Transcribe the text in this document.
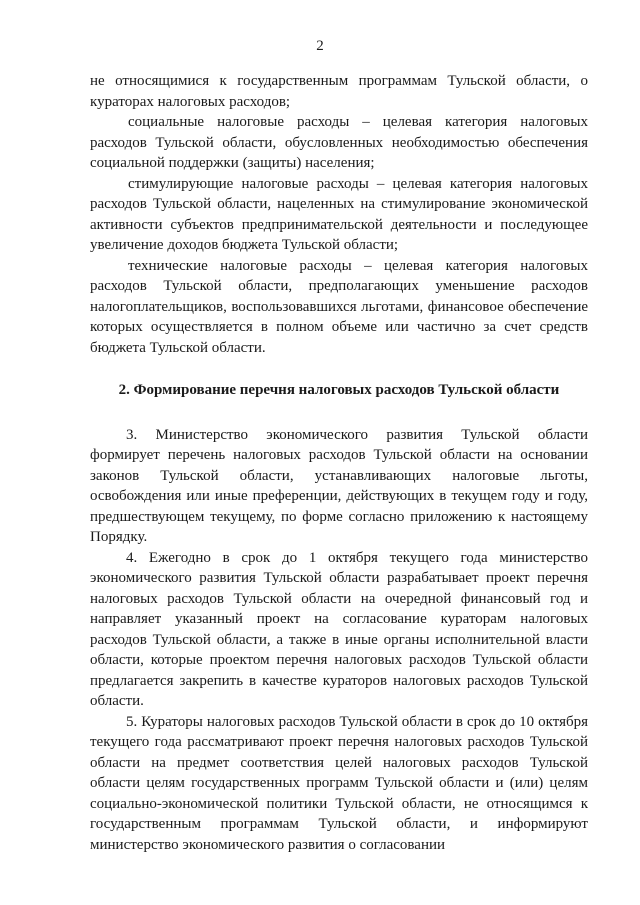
2

не относящимися к государственным программам Тульской области, о кураторах налоговых расходов;

социальные налоговые расходы – целевая категория налоговых расходов Тульской области, обусловленных необходимостью обеспечения социальной поддержки (защиты) населения;

стимулирующие налоговые расходы – целевая категория налоговых расходов Тульской области, нацеленных на стимулирование экономической активности субъектов предпринимательской деятельности и последующее увеличение доходов бюджета Тульской области;

технические налоговые расходы – целевая категория налоговых расходов Тульской области, предполагающих уменьшение расходов налогоплательщиков, воспользовавшихся льготами, финансовое обеспечение которых осуществляется в полном объеме или частично за счет средств бюджета Тульской области.

2. Формирование перечня налоговых расходов Тульской области

3. Министерство экономического развития Тульской области формирует перечень налоговых расходов Тульской области на основании законов Тульской области, устанавливающих налоговые льготы, освобождения или иные преференции, действующих в текущем году и году, предшествующем текущему, по форме согласно приложению к настоящему Порядку.

4. Ежегодно в срок до 1 октября текущего года министерство экономического развития Тульской области разрабатывает проект перечня налоговых расходов Тульской области на очередной финансовый год и направляет указанный проект на согласование кураторам налоговых расходов Тульской области, а также в иные органы исполнительной власти области, которые проектом перечня налоговых расходов Тульской области предлагается закрепить в качестве кураторов налоговых расходов Тульской области.

5. Кураторы налоговых расходов Тульской области в срок до 10 октября текущего года рассматривают проект перечня налоговых расходов Тульской области на предмет соответствия целей налоговых расходов Тульской области целям государственных программ Тульской области и (или) целям социально-экономической политики Тульской области, не относящимся к государственным программам Тульской области, и информируют министерство экономического развития о согласовании
